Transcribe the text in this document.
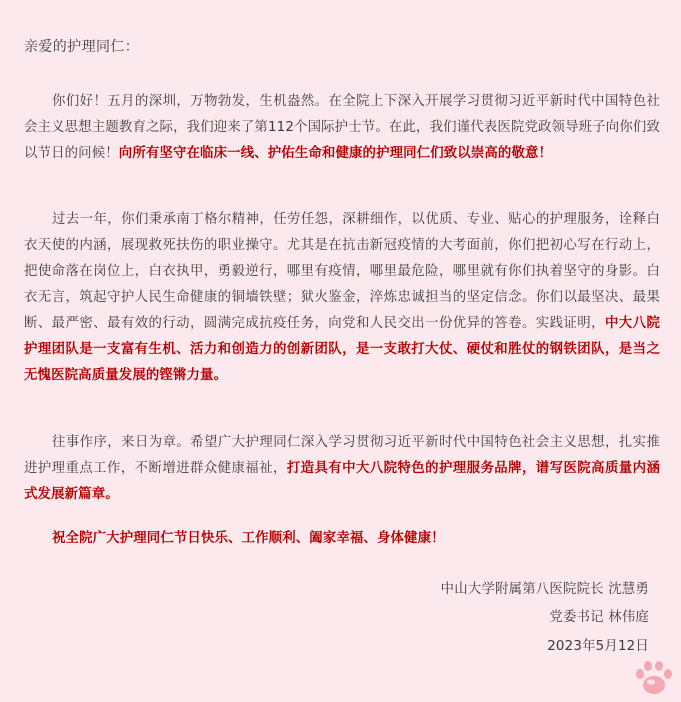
亲爱的护理同仁：

你们好！五月的深圳，万物勃发，生机盎然。在全院上下深入开展学习贯彻习近平新时代中国特色社会主义思想主题教育之际，我们迎来了第112个国际护士节。在此，我们谨代表医院党政领导班子向你们致以节日的问候！向所有坚守在临床一线、护佑生命和健康的护理同仁们致以崇高的敬意！

过去一年，你们秉承南丁格尔精神，任劳任怨，深耕细作，以优质、专业、贴心的护理服务，诠释白衣天使的内涵，展现救死扶伤的职业操守。尤其是在抗击新冠疫情的大考面前，你们把初心写在行动上，把使命落在岗位上，白衣执甲，勇毅逆行，哪里有疫情，哪里最危险，哪里就有你们执着坚守的身影。白衣无言，筑起守护人民生命健康的铜墙铁壁；狱火鉴金，淬炼忠诚担当的坚定信念。你们以最坚决、最果断、最严密、最有效的行动，圆满完成抗疫任务，向党和人民交出一份优异的答卷。实践证明，中大八院护理团队是一支富有生机、活力和创造力的创新团队，是一支敢打大仗、硬仗和胜仗的钢铁团队，是当之无愧医院高质量发展的铿锵力量。

往事作序，来日为章。希望广大护理同仁深入学习贯彻习近平新时代中国特色社会主义思想，扎实推进护理重点工作，不断增进群众健康福祉，打造具有中大八院特色的护理服务品牌，谱写医院高质量内涵式发展新篇章。

祝全院广大护理同仁节日快乐、工作顺利、阖家幸福、身体健康！

中山大学附属第八医院院长 沈慧勇
党委书记 林伟庭
2023年5月12日
